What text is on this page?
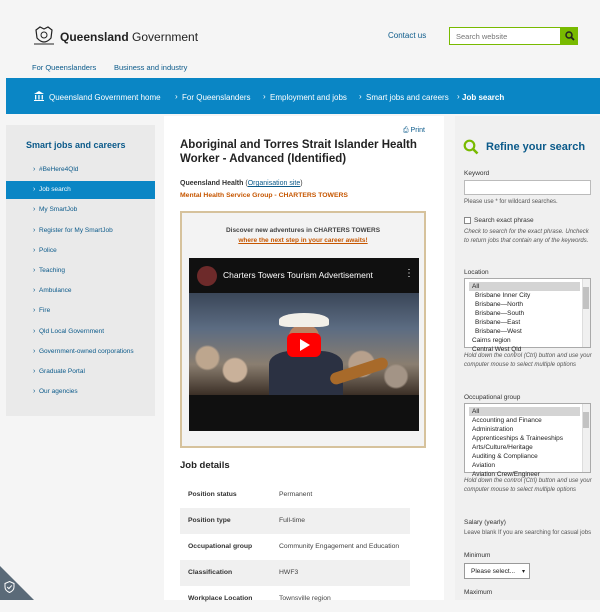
Queensland Government	Contact us
Search website
For Queenslanders Business and industry
Queensland Government home › For Queenslanders › Employment and jobs › Smart jobs and careers › Job search
Smart jobs and careers
› #BeHere4Qld
› Job search
› My SmartJob
› Register for My SmartJob
› Police
› Teaching
› Ambulance
› Fire
› Qld Local Government
› Government-owned corporations
› Graduate Portal
› Our agencies
⎙ Print
Aboriginal and Torres Strait Islander Health Worker - Advanced (Identified)
Queensland Health (Organisation site)
Mental Health Service Group - CHARTERS TOWERS
Discover new adventures in CHARTERS TOWERS
where the next step in your career awaits!
Charters Towers Tourism Advertisement	⋮
Job details
Position status	Permanent
Position type	Full-time
Occupational group	Community Engagement and Education
Classification	HWF3
Workplace Location	Townsville region
Refine your search
Keyword
Please use * for wildcard searches.
Search exact phrase
Check to search for the exact phrase. Uncheck to return jobs that contain any of the keywords.
Location
All
Brisbane Inner City
Brisbane—North
Brisbane—South
Brisbane—East
Brisbane—West
Cairns region
Central West Qld
Hold down the control (Ctrl) button and use your computer mouse to select multiple options
Occupational group
All
Accounting and Finance
Administration
Apprenticeships & Traineeships
Arts/Culture/Heritage
Auditing & Compliance
Aviation
Aviation Crew/Engineer
Hold down the control (Ctrl) button and use your computer mouse to select multiple options
Salary (yearly)
Leave blank If you are searching for casual jobs
Minimum
Please select... ▾
Maximum
